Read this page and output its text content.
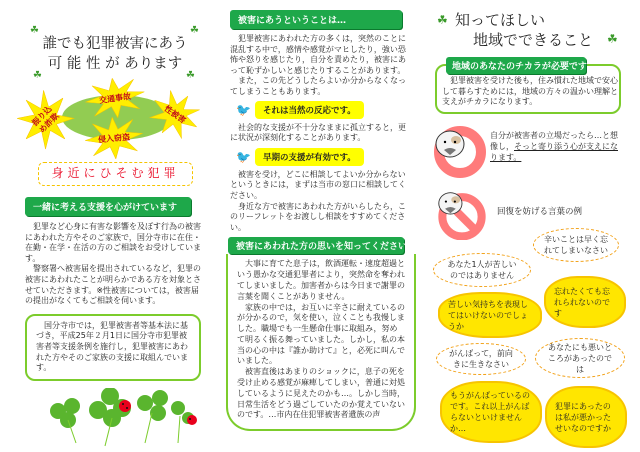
☘	☘
☘	☘
誰でも犯罪被害にあう
可 能 性 が あります
振り込め詐欺
交通事故
性被害
侵入窃盗
身近にひそむ犯罪
一緒に考える支援を心がけています

犯罪など心身に有害な影響を及ぼす行為の被害にあわれた方やそのご家族で，国分寺市に在住・在勤・在学・在活の方のご相談をお受けしています。

警察署へ被害届を提出されているなど，犯罪の被害にあわれたことが明らかである方を対象とさせていただきます。※性被害については，被害届の提出がなくてもご相談を伺います。

国分寺市では，犯罪被害者等基本法に基づき，平成25年２月1日に国分寺市犯罪被害者等支援条例を施行し，犯罪被害にあわれた方やそのご家族の支援に取組んでいます。

被害にあうということは…

犯罪被害にあわれた方の多くは，突然のことに混乱する中で，感情や感覚がマヒしたり，強い恐怖や怒りを感じたり，自分を責めたり，被害にあって恥ずかしいと感じたりすることがあります。

また，この先どうしたらよいか分からなくなってしまうこともあります。

🐦	それは当然の反応です。

社会的な支援が不十分なままに孤立すると，更に状況が深刻化することがあります。

🐦	早期の支援が有効です。

被害を受け，どこに相談してよいか分からないというときには，まずは当市の窓口に相談してください。

身近な方で被害にあわれた方がいらしたら，このリーフレットをお渡しし相談をすすめてください。

被害にあわれた方の思いを知ってください

大事に育てた息子は，飲酒運転・速度超過という愚かな交通犯罪者により，突然命を奪われてしまいました。加害者からは今日まで謝罪の言葉を聞くことがありません。

家族の中では，お互いに辛さに耐えているのが分かるので，気を使い，泣くことも我慢しました。職場でも一生懸命仕事に取組み，努めて明るく振る舞っていました。しかし，私の本当の心の中は『誰か助けて』と，必死に叫んでいました。

被害直後はあまりのショックに，息子の死を受け止める感覚が麻痺してしまい，普通に対処しているように見えたのかも…。しかし当時，日常生活をどう過ごしていたのか覚えていないのです。…市内在住犯罪被害者遺族の声

☘ 知ってほしい
地域でできること ☘
地域のあなたのチカラが必要です

犯罪被害を受けた後も，住み慣れた地域で安心して暮らすためには，地域の方々の温かい理解と支えがチカラになります。

自分が被害者の立場だったら…と想像し，そっと寄り添う心が支えになります。
回復を妨げる言葉の例
辛いことは早く忘れてしまいなさい
あなた1人が苦しいのではありません
苦しい気持ちを表現してはいけないのでしょうか
忘れたくても忘れられないのです
がんばって，前向きに生きなさい
あなたにも悪いところがあったのでは
もうがんばっているのです。これ以上がんばらないといけませんか…
犯罪にあったのは私が悪かったせいなのですか
